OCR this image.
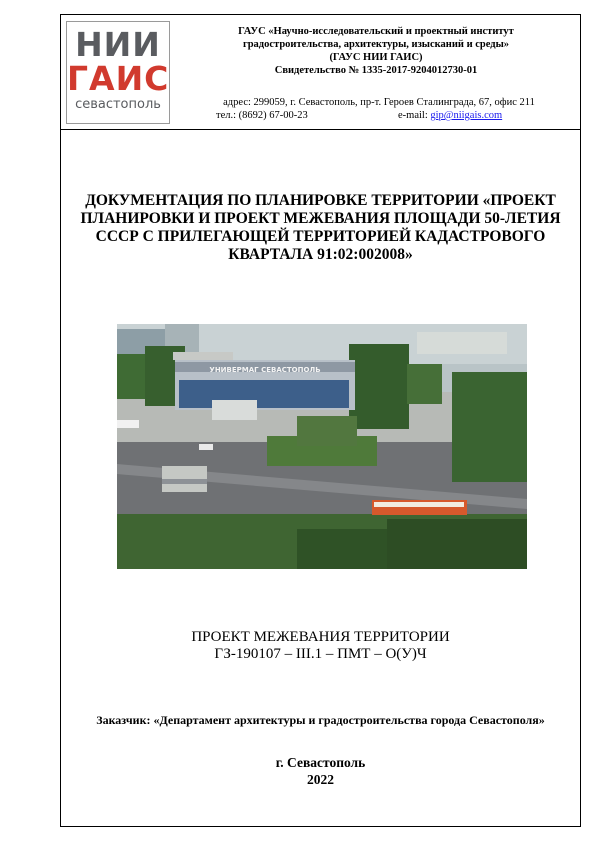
НИИ
ГАИС
севастополь
ГАУС «Научно-исследовательский и проектный институт
градостроительства, архитектуры, изысканий и среды»
(ГАУС НИИ ГАИС)
Свидетельство № 1335-2017-9204012730-01
адрес: 299059, г. Севастополь, пр-т. Героев Сталинграда, 67, офис 211
тел.: (8692) 67-00-23	e-mail: gip@niigais.com
ДОКУМЕНТАЦИЯ ПО ПЛАНИРОВКЕ ТЕРРИТОРИИ «ПРОЕКТ
ПЛАНИРОВКИ И ПРОЕКТ МЕЖЕВАНИЯ ПЛОЩАДИ 50-ЛЕТИЯ
СССР С ПРИЛЕГАЮЩЕЙ ТЕРРИТОРИЕЙ КАДАСТРОВОГО
КВАРТАЛА 91:02:002008»
УНИВЕРМАГ СЕВАСТОПОЛЬ
ПРОЕКТ МЕЖЕВАНИЯ ТЕРРИТОРИИ
ГЗ-190107 – III.1 – ПМТ – О(У)Ч
Заказчик: «Департамент архитектуры и градостроительства города Севастополя»
г. Севастополь
2022
